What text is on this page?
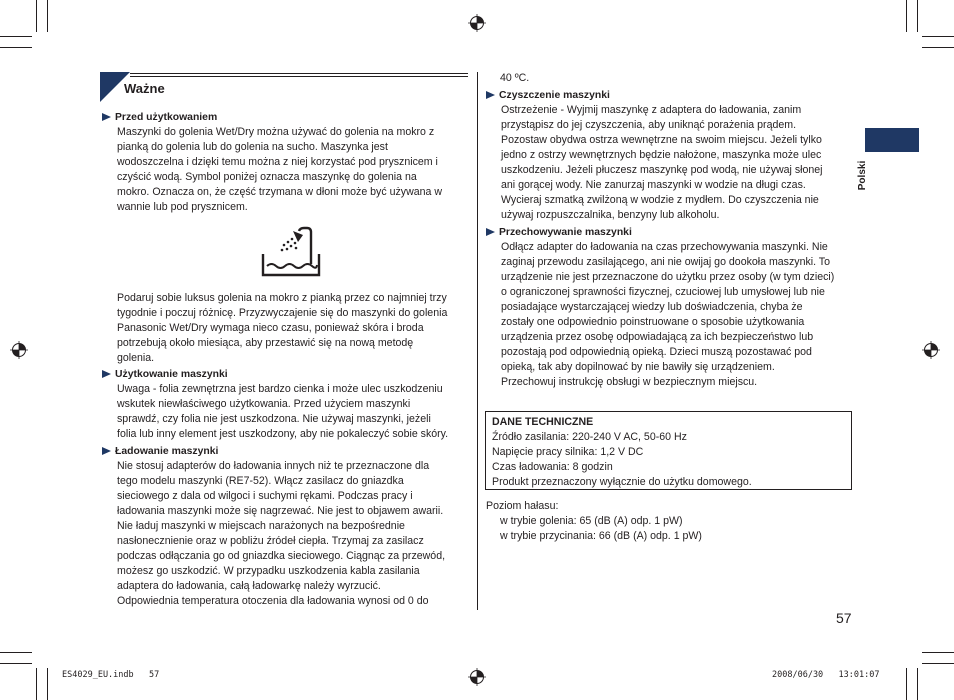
Ważne
Przed użytkowaniem

Maszynki do golenia Wet/Dry można używać do golenia na mokro z

pianką do golenia lub do golenia na sucho. Maszynka jest

wodoszczelna i dzięki temu można z niej korzystać pod prysznicem i

czyścić wodą. Symbol poniżej oznacza maszynkę do golenia na

mokro. Oznacza on, że część trzymana w dłoni może być używana w

wannie lub pod prysznicem.

Podaruj sobie luksus golenia na mokro z pianką przez co najmniej trzy

tygodnie i poczuj różnicę. Przyzwyczajenie się do maszynki do golenia

Panasonic Wet/Dry wymaga nieco czasu, ponieważ skóra i broda

potrzebują około miesiąca, aby przestawić się na nową metodę

golenia.

Użytkowanie maszynki

Uwaga - folia zewnętrzna jest bardzo cienka i może ulec uszkodzeniu

wskutek niewłaściwego użytkowania. Przed użyciem maszynki

sprawdź, czy folia nie jest uszkodzona. Nie używaj maszynki, jeżeli

folia lub inny element jest uszkodzony, aby nie pokaleczyć sobie skóry.

Ładowanie maszynki

Nie stosuj adapterów do ładowania innych niż te przeznaczone dla

tego modelu maszynki (RE7-52). Włącz zasilacz do gniazdka

sieciowego z dala od wilgoci i suchymi rękami. Podczas pracy i

ładowania maszynki może się nagrzewać. Nie jest to objawem awarii.

Nie ładuj maszynki w miejscach narażonych na bezpośrednie

nasłonecznienie oraz w pobliżu źródeł ciepła. Trzymaj za zasilacz

podczas odłączania go od gniazdka sieciowego. Ciągnąc za przewód,

możesz go uszkodzić. W przypadku uszkodzenia kabla zasilania

adaptera do ładowania, całą ładowarkę należy wyrzucić.

Odpowiednia temperatura otoczenia dla ładowania wynosi od 0 do

40 ºC.

Czyszczenie maszynki

Ostrzeżenie - Wyjmij maszynkę z adaptera do ładowania, zanim

przystąpisz do jej czyszczenia, aby uniknąć porażenia prądem.

Pozostaw obydwa ostrza wewnętrzne na swoim miejscu. Jeżeli tylko

jedno z ostrzy wewnętrznych będzie nałożone, maszynka może ulec

uszkodzeniu. Jeżeli płuczesz maszynkę pod wodą, nie używaj słonej

ani gorącej wody. Nie zanurzaj maszynki w wodzie na długi czas.

Wycieraj szmatką zwilżoną w wodzie z mydłem. Do czyszczenia nie

używaj rozpuszczalnika, benzyny lub alkoholu.

Przechowywanie maszynki

Odłącz adapter do ładowania na czas przechowywania maszynki. Nie

zaginaj przewodu zasilającego, ani nie owijaj go dookoła maszynki. To

urządzenie nie jest przeznaczone do użytku przez osoby (w tym dzieci)

o ograniczonej sprawności fizycznej, czuciowej lub umysłowej lub nie

posiadające wystarczającej wiedzy lub doświadczenia, chyba że

zostały one odpowiednio poinstruowane o sposobie użytkowania

urządzenia przez osobę odpowiadającą za ich bezpieczeństwo lub

pozostają pod odpowiednią opieką. Dzieci muszą pozostawać pod

opieką, tak aby dopilnować by nie bawiły się urządzeniem.

Przechowuj instrukcję obsługi w bezpiecznym miejscu.

DANE TECHNICZNE
Źródło zasilania: 220-240 V AC, 50-60 Hz
Napięcie pracy silnika: 1,2 V DC
Czas ładowania: 8 godzin
Produkt przeznaczony wyłącznie do użytku domowego.
Poziom hałasu:
w trybie golenia: 65 (dB (A) odp. 1 pW)
w trybie przycinania: 66 (dB (A) odp. 1 pW)
Polski
57
ES4029_EU.indb   57	2008/06/30   13:01:07
